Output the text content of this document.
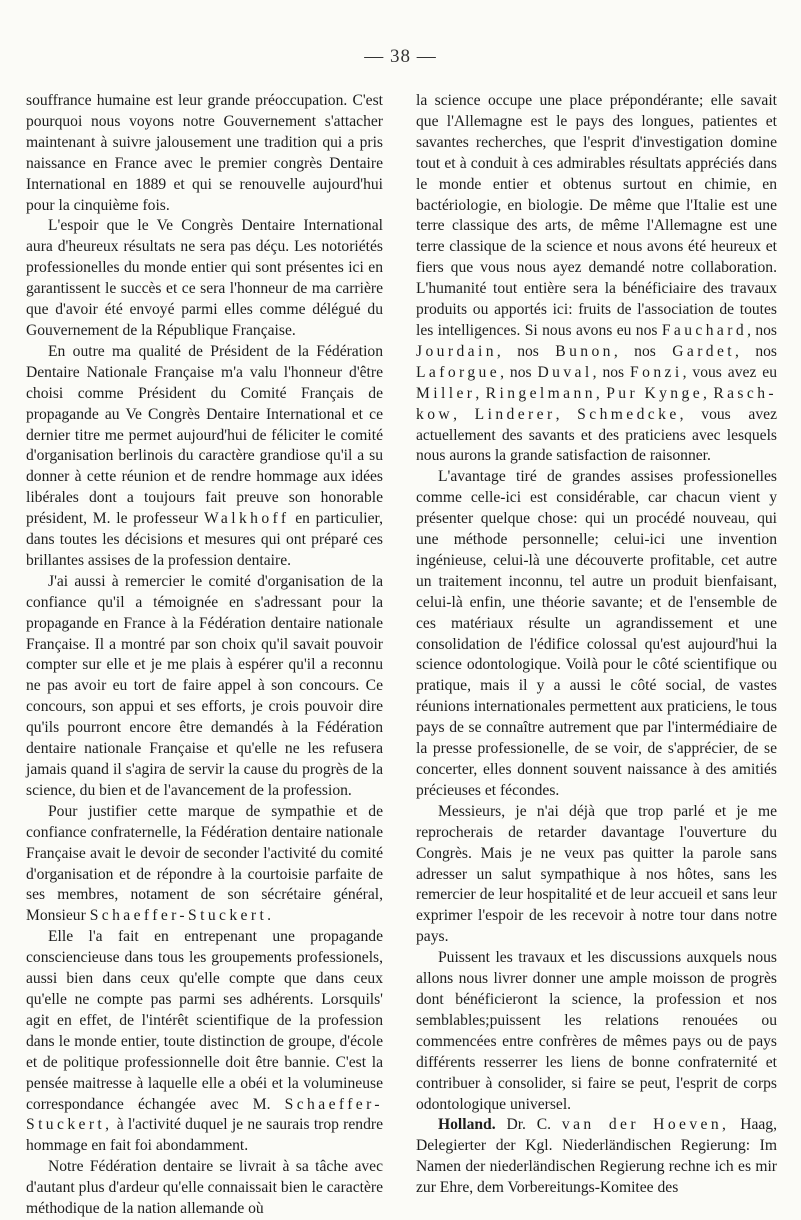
— 38 —

souffrance humaine est leur grande préoccupation. C'est pourquoi nous voyons notre Gouvernement s'attacher maintenant à suivre jalousement une tradition qui a pris naissance en France avec le premier congrès Dentaire International en 1889 et qui se renouvelle aujourd'hui pour la cinquième fois.

L'espoir que le Ve Congrès Dentaire International aura d'heureux résultats ne sera pas déçu. Les notoriétés professionelles du monde entier qui sont présentes ici en garantissent le succès et ce sera l'honneur de ma carrière que d'avoir été envoyé parmi elles comme délégué du Gouvernement de la République Française.

En outre ma qualité de Président de la Fédération Dentaire Nationale Française m'a valu l'honneur d'être choisi comme Président du Comité Français de propagande au Ve Congrès Dentaire International et ce dernier titre me permet aujourd'hui de féliciter le comité d'organisation berlinois du caractère grandiose qu'il a su donner à cette réunion et de rendre hommage aux idées libérales dont a toujours fait preuve son honorable président, M. le professeur Walkhoff en particulier, dans toutes les décisions et mesures qui ont préparé ces brillantes assises de la profession dentaire.

J'ai aussi à remercier le comité d'organisation de la confiance qu'il a témoignée en s'adressant pour la propagande en France à la Fédération dentaire nationale Française. Il a montré par son choix qu'il savait pouvoir compter sur elle et je me plais à espérer qu'il a reconnu ne pas avoir eu tort de faire appel à son concours. Ce concours, son appui et ses efforts, je crois pouvoir dire qu'ils pourront encore être demandés à la Fédération dentaire nationale Française et qu'elle ne les refusera jamais quand il s'agira de servir la cause du progrès de la science, du bien et de l'avancement de la profession.

Pour justifier cette marque de sympathie et de confiance confraternelle, la Fédération dentaire nationale Française avait le devoir de seconder l'activité du comité d'organisation et de répondre à la courtoisie parfaite de ses membres, notament de son sécrétaire général, Monsieur Schaeffer-Stuckert.

Elle l'a fait en entrepenant une propagande consciencieuse dans tous les groupements professionels, aussi bien dans ceux qu'elle compte que dans ceux qu'elle ne compte pas parmi ses adhérents. Lorsquils' agit en effet, de l'intérêt scientifique de la profession dans le monde entier, toute distinction de groupe, d'école et de politique professionnelle doit être bannie. C'est la pensée maitresse à laquelle elle a obéi et la volumineuse correspondance échangée avec M. Schaeffer-Stuckert, à l'activité duquel je ne saurais trop rendre hommage en fait foi abondamment.

Notre Fédération dentaire se livrait à sa tâche avec d'autant plus d'ardeur qu'elle connaissait bien le caractère méthodique de la nation allemande où

la science occupe une place prépondérante; elle savait que l'Allemagne est le pays des longues, patientes et savantes recherches, que l'esprit d'investigation domine tout et à conduit à ces admirables résultats appréciés dans le monde entier et obtenus surtout en chimie, en bactériologie, en biologie. De même que l'Italie est une terre classique des arts, de même l'Allemagne est une terre classique de la science et nous avons été heureux et fiers que vous nous ayez demandé notre collaboration. L'humanité tout entière sera la bénéficiaire des travaux produits ou apportés ici: fruits de l'association de toutes les intelligences. Si nous avons eu nos Fauchard, nos Jourdain, nos Bunon, nos Gardet, nos Laforgue, nos Duval, nos Fonzi, vous avez eu Miller, Ringelmann, Pur Kynge, Rasch-kow, Linderer, Schmedcke, vous avez actuellement des savants et des praticiens avec lesquels nous aurons la grande satisfaction de raisonner.

L'avantage tiré de grandes assises professionelles comme celle-ici est considérable, car chacun vient y présenter quelque chose: qui un procédé nouveau, qui une méthode personnelle; celui-ici une invention ingénieuse, celui-là une découverte profitable, cet autre un traitement inconnu, tel autre un produit bienfaisant, celui-là enfin, une théorie savante; et de l'ensemble de ces matériaux résulte un agrandissement et une consolidation de l'édifice colossal qu'est aujourd'hui la science odontologique. Voilà pour le côté scientifique ou pratique, mais il y a aussi le côté social, de vastes réunions internationales permettent aux praticiens, le tous pays de se connaître autrement que par l'intermédiaire de la presse professionelle, de se voir, de s'apprécier, de se concerter, elles donnent souvent naissance à des amitiés précieuses et fécondes.

Messieurs, je n'ai déjà que trop parlé et je me reprocherais de retarder davantage l'ouverture du Congrès. Mais je ne veux pas quitter la parole sans adresser un salut sympathique à nos hôtes, sans les remercier de leur hospitalité et de leur accueil et sans leur exprimer l'espoir de les recevoir à notre tour dans notre pays.

Puissent les travaux et les discussions auxquels nous allons nous livrer donner une ample moisson de progrès dont bénéficieront la science, la profession et nos semblables;puissent les relations renouées ou commencées entre confrères de mêmes pays ou de pays différents resserrer les liens de bonne confraternité et contribuer à consolider, si faire se peut, l'esprit de corps odontologique universel.

Holland. Dr. C. van der Hoeven, Haag, Delegierter der Kgl. Niederländischen Regierung: Im Namen der niederländischen Regierung rechne ich es mir zur Ehre, dem Vorbereitungs-Komitee des
